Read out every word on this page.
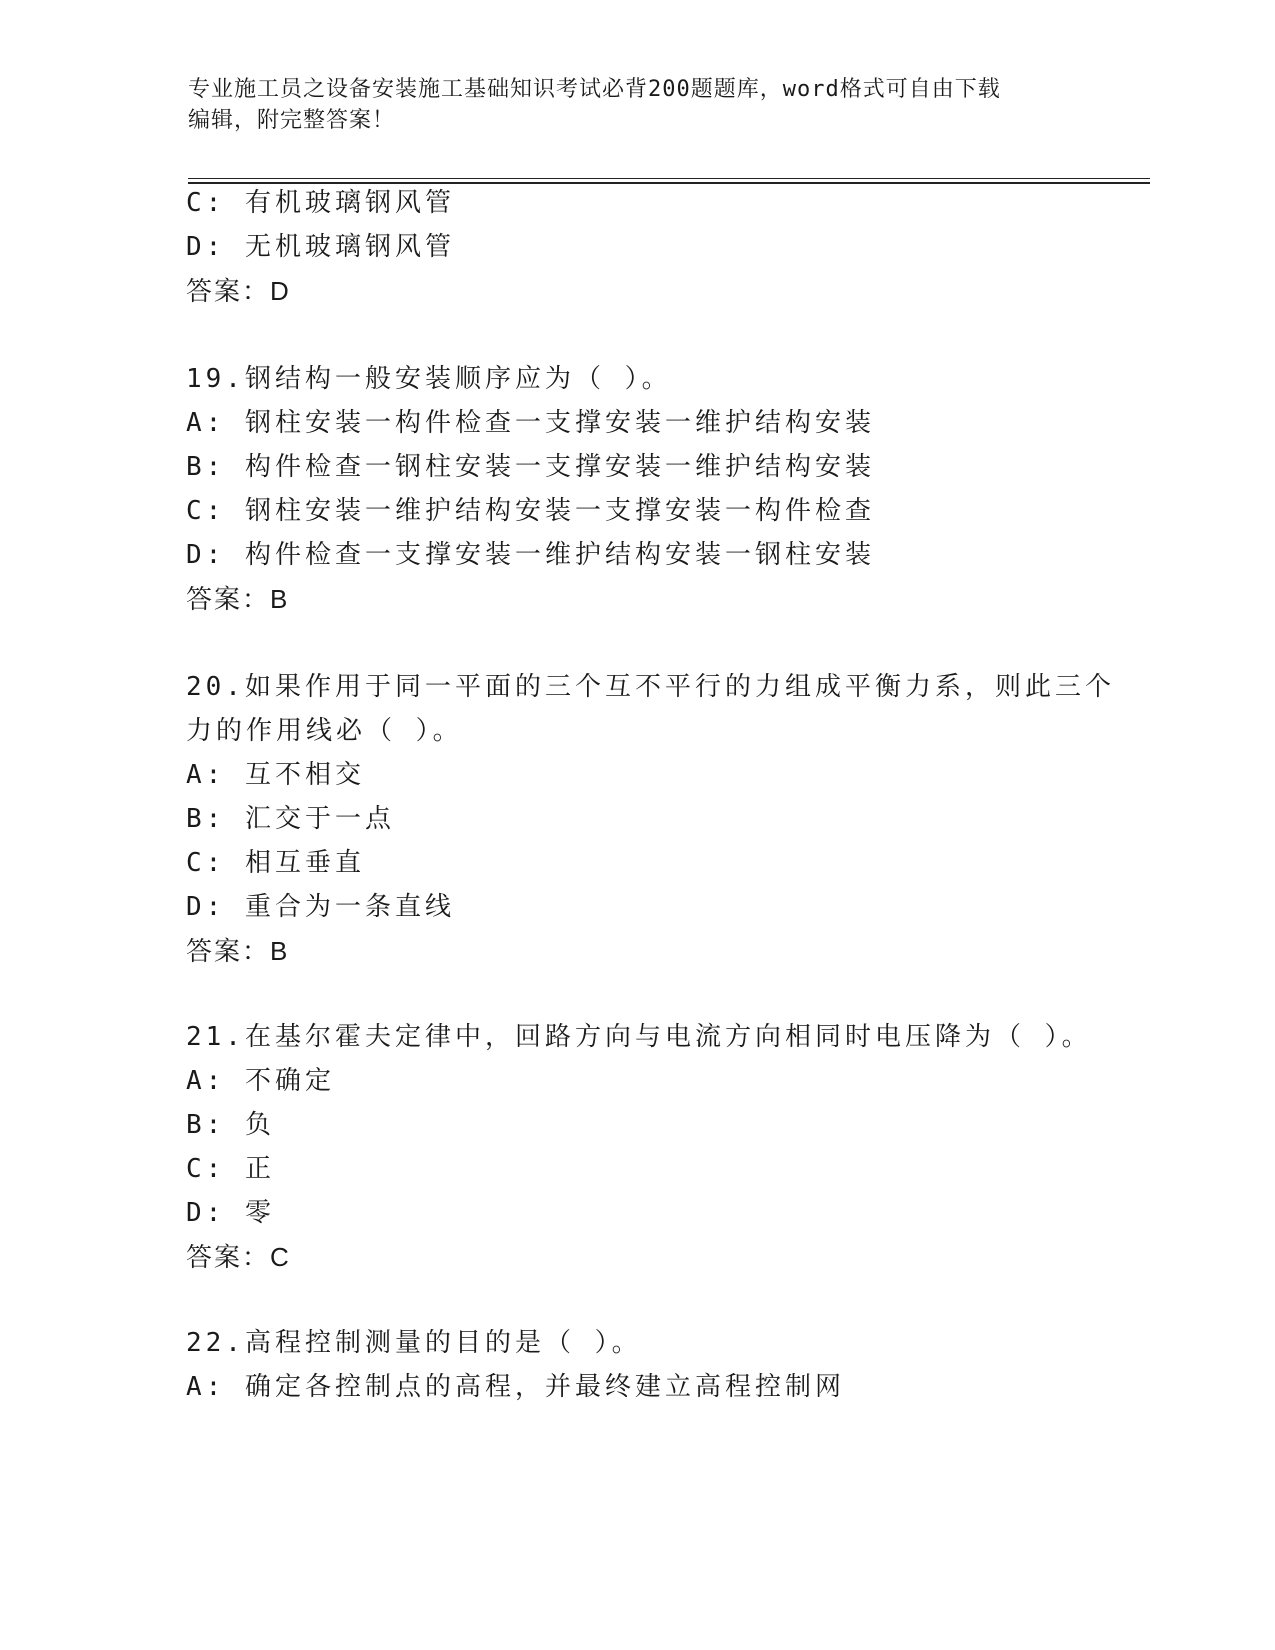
专业施工员之设备安装施工基础知识考试必背200题题库，word格式可自由下载
编辑，附完整答案！
C: 有机玻璃钢风管
D: 无机玻璃钢风管
答案：D
19.钢结构一般安装顺序应为（ ）。
A: 钢柱安装一构件检查一支撑安装一维护结构安装
B: 构件检查一钢柱安装一支撑安装一维护结构安装
C: 钢柱安装一维护结构安装一支撑安装一构件检查
D: 构件检查一支撑安装一维护结构安装一钢柱安装
答案：B
20.如果作用于同一平面的三个互不平行的力组成平衡力系，则此三个
力的作用线必（ ）。
A: 互不相交
B: 汇交于一点
C: 相互垂直
D: 重合为一条直线
答案：B
21.在基尔霍夫定律中，回路方向与电流方向相同时电压降为（ ）。
A: 不确定
B: 负
C: 正
D: 零
答案：C
22.高程控制测量的目的是（ ）。
A: 确定各控制点的高程，并最终建立高程控制网
